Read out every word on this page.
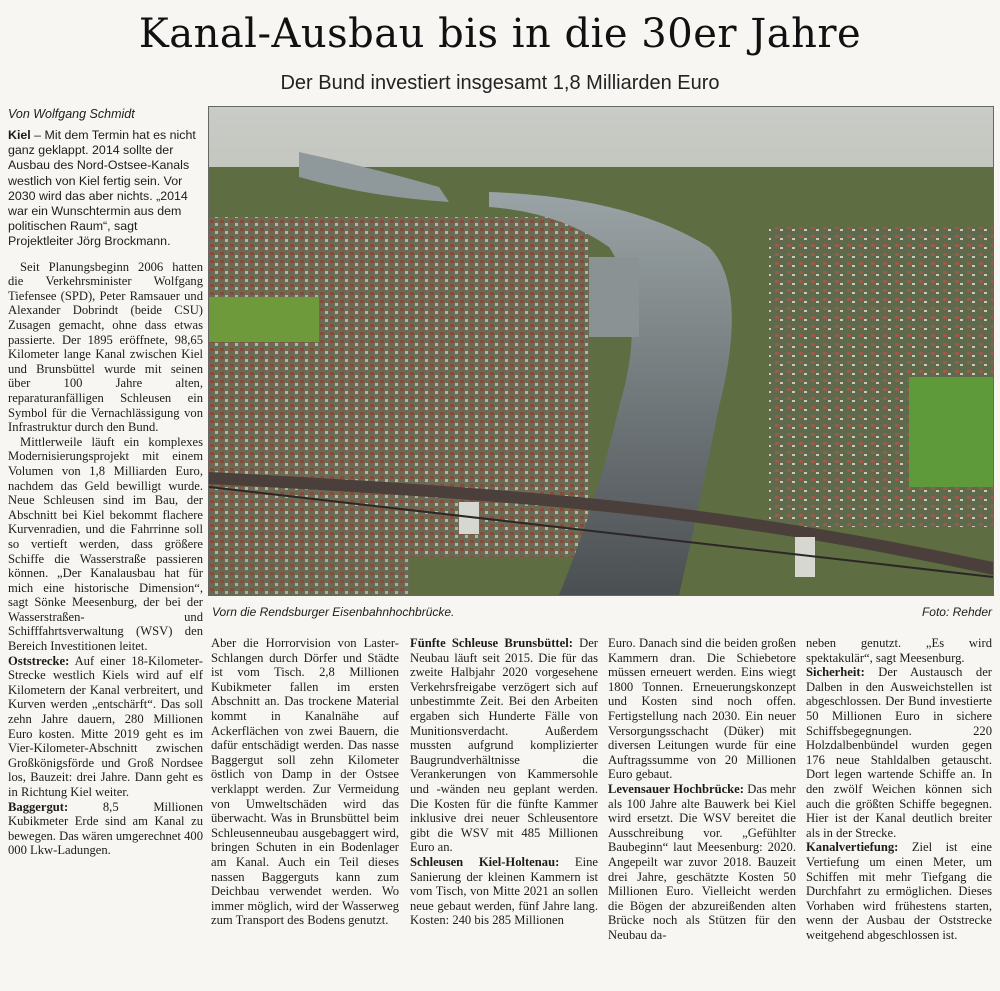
Kanal-Ausbau bis in die 30er Jahre
Der Bund investiert insgesamt 1,8 Milliarden Euro
Von Wolfgang Schmidt

Kiel – Mit dem Termin hat es nicht ganz geklappt. 2014 sollte der Ausbau des Nord-Ostsee-Kanals westlich von Kiel fertig sein. Vor 2030 wird das aber nichts. „2014 war ein Wunschtermin aus dem politischen Raum“, sagt Projektleiter Jörg Brockmann.

Seit Planungsbeginn 2006 hatten die Verkehrsminister Wolfgang Tiefensee (SPD), Peter Ramsauer und Alexander Dobrindt (beide CSU) Zusagen gemacht, ohne dass etwas passierte. Der 1895 eröffnete, 98,65 Kilometer lange Kanal zwischen Kiel und Brunsbüttel wurde mit seinen über 100 Jahre alten, reparaturanfälligen Schleusen ein Symbol für die Vernachlässigung von Infrastruktur durch den Bund.

Mittlerweile läuft ein komplexes Modernisierungsprojekt mit einem Volumen von 1,8 Milliarden Euro, nachdem das Geld bewilligt wurde. Neue Schleusen sind im Bau, der Abschnitt bei Kiel bekommt flachere Kurvenradien, und die Fahrrinne soll so vertieft werden, dass größere Schiffe die Wasserstraße passieren können. „Der Kanalausbau hat für mich eine historische Dimension“, sagt Sönke Meesenburg, der bei der Wasserstraßen- und Schifffahrtsverwaltung (WSV) den Bereich Investitionen leitet.

Oststrecke: Auf einer 18-Kilometer-Strecke westlich Kiels wird auf elf Kilometern der Kanal verbreitert, und Kurven werden „entschärft“. Das soll zehn Jahre dauern, 280 Millionen Euro kosten. Mitte 2019 geht es im Vier-Kilometer-Abschnitt zwischen Großkönigsförde und Groß Nordsee los, Bauzeit: drei Jahre. Dann geht es in Richtung Kiel weiter.

Baggergut: 8,5 Millionen Kubikmeter Erde sind am Kanal zu bewegen. Das wären umgerechnet 400 000 Lkw-Ladungen.

Vorn die Rendsburger Eisenbahnhochbrücke.	Foto: Rehder

Aber die Horrorvision von Laster-Schlangen durch Dörfer und Städte ist vom Tisch. 2,8 Millionen Kubikmeter fallen im ersten Abschnitt an. Das trockene Material kommt in Kanalnähe auf Ackerflächen von zwei Bauern, die dafür entschädigt werden. Das nasse Baggergut soll zehn Kilometer östlich von Damp in der Ostsee verklappt werden. Zur Vermeidung von Umweltschäden wird das überwacht. Was in Brunsbüttel beim Schleusenneubau ausgebaggert wird, bringen Schuten in ein Bodenlager am Kanal. Auch ein Teil dieses nassen Baggerguts kann zum Deichbau verwendet werden. Wo immer möglich, wird der Wasserweg zum Transport des Bodens genutzt.

Fünfte Schleuse Brunsbüttel: Der Neubau läuft seit 2015. Die für das zweite Halbjahr 2020 vorgesehene Verkehrsfreigabe verzögert sich auf unbestimmte Zeit. Bei den Arbeiten ergaben sich Hunderte Fälle von Munitionsverdacht. Außerdem mussten aufgrund komplizierter Baugrundverhältnisse die Verankerungen von Kammersohle und -wänden neu geplant werden. Die Kosten für die fünfte Kammer inklusive drei neuer Schleusentore gibt die WSV mit 485 Millionen Euro an.

Schleusen Kiel-Holtenau: Eine Sanierung der kleinen Kammern ist vom Tisch, von Mitte 2021 an sollen neue gebaut werden, fünf Jahre lang. Kosten: 240 bis 285 Millionen

Euro. Danach sind die beiden großen Kammern dran. Die Schiebetore müssen erneuert werden. Eins wiegt 1800 Tonnen. Erneuerungskonzept und Kosten sind noch offen. Fertigstellung nach 2030. Ein neuer Versorgungsschacht (Düker) mit diversen Leitungen wurde für eine Auftragssumme von 20 Millionen Euro gebaut.

Levensauer Hochbrücke: Das mehr als 100 Jahre alte Bauwerk bei Kiel wird ersetzt. Die WSV bereitet die Ausschreibung vor. „Gefühlter Baubeginn“ laut Meesenburg: 2020. Angepeilt war zuvor 2018. Bauzeit drei Jahre, geschätzte Kosten 50 Millionen Euro. Vielleicht werden die Bögen der abzureißenden alten Brücke noch als Stützen für den Neubau da-

neben genutzt. „Es wird spektakulär“, sagt Meesenburg.

Sicherheit: Der Austausch der Dalben in den Ausweichstellen ist abgeschlossen. Der Bund investierte 50 Millionen Euro in sichere Schiffsbegegnungen. 220 Holzdalbenbündel wurden gegen 176 neue Stahldalben getauscht. Dort legen wartende Schiffe an. In den zwölf Weichen können sich auch die größten Schiffe begegnen. Hier ist der Kanal deutlich breiter als in der Strecke.

Kanalvertiefung: Ziel ist eine Vertiefung um einen Meter, um Schiffen mit mehr Tiefgang die Durchfahrt zu ermöglichen. Dieses Vorhaben wird frühestens starten, wenn der Ausbau der Oststrecke weitgehend abgeschlossen ist.
